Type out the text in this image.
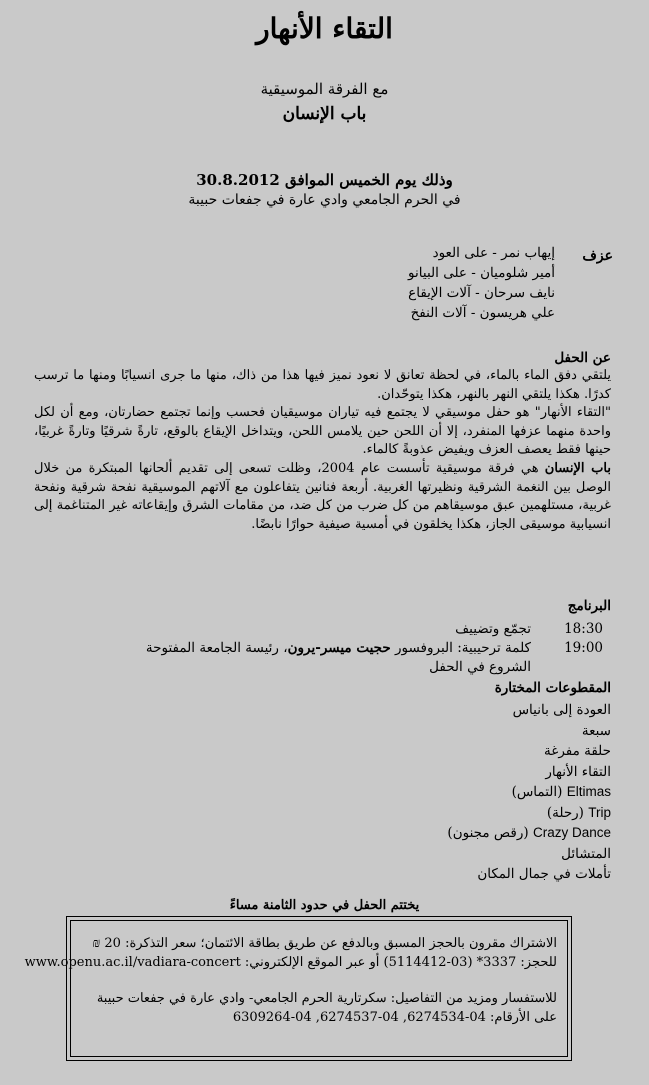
التقاء الأنهار
مع الفرقة الموسيقية
باب الإنسان
وذلك يوم الخميس الموافق 30.8.2012
في الحرم الجامعي وادي عارة في جفعات حبيبة
عزف
إيهاب نمر - على العود
أمير شلوميان - على البيانو
نايف سرحان - آلات الإيقاع
علي هريسون - آلات النفخ
عن الحفل

يلتقي دفق الماء بالماء، في لحظة تعانق لا نعود نميز فيها هذا من ذاك، منها ما جرى انسيابًا ومنها ما ترسب كدرًا. هكذا يلتقي النهر بالنهر، هكذا يتوحّدان.

"التقاء الأنهار" هو حفل موسيقي لا يجتمع فيه تياران موسيقيان فحسب وإنما تجتمع حضارتان، ومع أن لكل واحدة منهما عزفها المنفرد، إلا أن اللحن حين يلامس اللحن، ويتداخل الإيقاع بالوقع، تارةً شرقيًا وتارةً غربيًا، حينها فقط يعصف العزف ويفيض عذوبةً كالماء.

باب الإنسان هي فرقة موسيقية تأسست عام 2004، وظلت تسعى إلى تقديم ألحانها المبتكرة من خلال الوصل بين النغمة الشرقية ونظيرتها الغربية. أربعة فنانين يتفاعلون مع آلاتهم الموسيقية نفحة شرقية ونفحة غربية، مستلهمين عبق موسيقاهم من كل ضرب من كل ضد، من مقامات الشرق وإيقاعاته غير المتناغمة إلى انسيابية موسيقى الجاز، هكذا يخلقون في أمسية صيفية حوارًا نابضًا.

البرنامج
18:30
تجمّع وتضييف
19:00
كلمة ترحيبية: البروفسور حجيت ميسر-يرون، رئيسة الجامعة المفتوحة
الشروع في الحفل
المقطوعات المختارة
العودة إلى بانياس
سبعة
حلقة مفرغة
التقاء الأنهار
Eltimas (التماس)
Trip (رحلة)
Crazy Dance (رقص مجنون)
المتشائل
تأملات في جمال المكان
يختتم الحفل في حدود الثامنة مساءً
الاشتراك مقرون بالحجز المسبق وبالدفع عن طريق بطاقة الائتمان؛ سعر التذكرة: 20 ₪
للحجز: 3337* (03-5114412) أو عبر الموقع الإلكتروني: www.openu.ac.il/vadiara-concert
للاستفسار ومزيد من التفاصيل: سكرتارية الحرم الجامعي- وادي عارة في جفعات حبيبة
على الأرقام: 04-6274534, 04-6274537, 04-6309264
